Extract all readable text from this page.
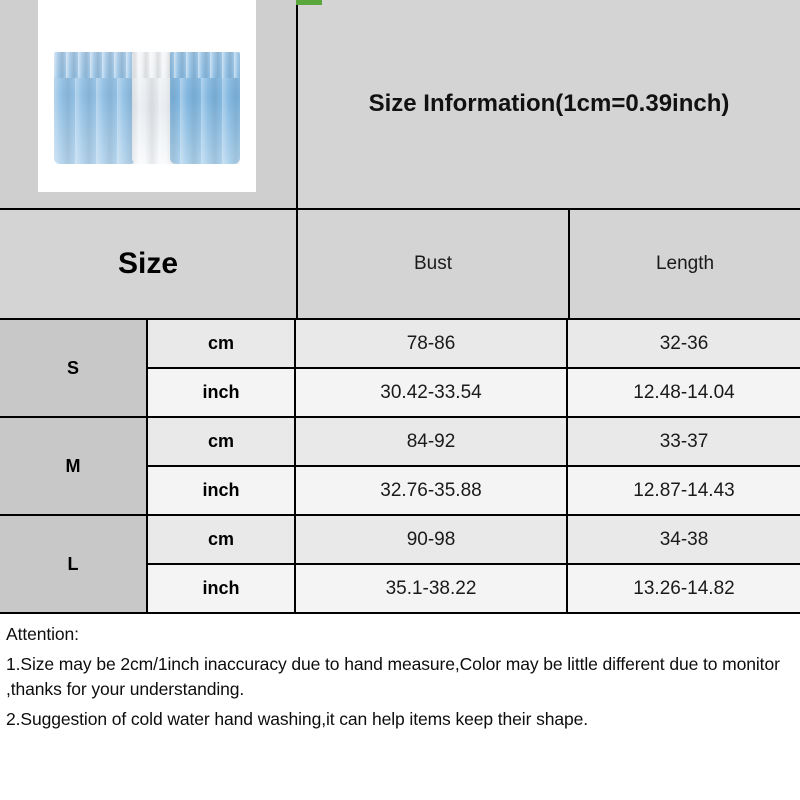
Size Information(1cm=0.39inch)
Size	Bust	Length
S
cm	78-86	32-36
inch	30.42-33.54	12.48-14.04
M
cm	84-92	33-37
inch	32.76-35.88	12.87-14.43
L
cm	90-98	34-38
inch	35.1-38.22	13.26-14.82

Attention:

1.Size may be 2cm/1inch inaccuracy due to hand measure,Color may be little different due to monitor ,thanks for your understanding.

2.Suggestion of cold water hand washing,it can help items keep their shape.
